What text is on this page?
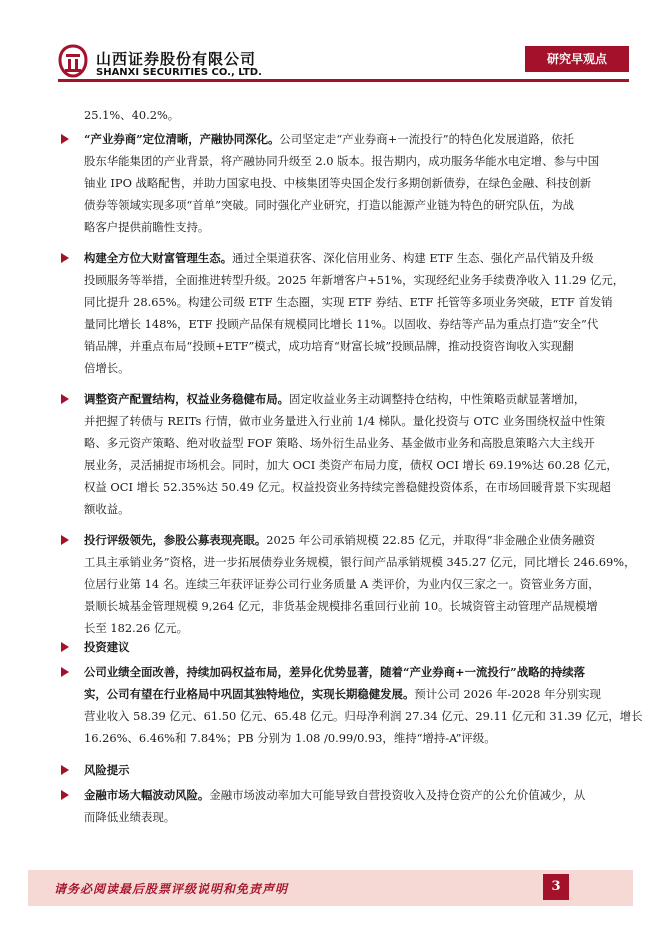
山西证券股份有限公司
SHANXI SECURITIES CO., LTD.
研究早观点
25.1%、40.2%。
“产业券商”定位清晰，产融协同深化。公司坚定走“产业券商+一流投行”的特色化发展道路，依托
股东华能集团的产业背景，将产融协同升级至 2.0 版本。报告期内，成功服务华能水电定增、参与中国
铀业 IPO 战略配售，并助力国家电投、中核集团等央国企发行多期创新债券，在绿色金融、科技创新
债券等领域实现多项“首单”突破。同时强化产业研究，打造以能源产业链为特色的研究队伍，为战
略客户提供前瞻性支持。
构建全方位大财富管理生态。通过全渠道获客、深化信用业务、构建 ETF 生态、强化产品代销及升级
投顾服务等举措，全面推进转型升级。2025 年新增客户+51%，实现经纪业务手续费净收入 11.29 亿元，
同比提升 28.65%。构建公司级 ETF 生态圈，实现 ETF 券结、ETF 托管等多项业务突破，ETF 首发销
量同比增长 148%，ETF 投顾产品保有规模同比增长 11%。以固收、券结等产品为重点打造“安全”代
销品牌，并重点布局“投顾+ETF”模式，成功培育“财富长城”投顾品牌，推动投资咨询收入实现翻
倍增长。
调整资产配置结构，权益业务稳健布局。固定收益业务主动调整持仓结构，中性策略贡献显著增加，
并把握了转债与 REITs 行情，做市业务量进入行业前 1/4 梯队。量化投资与 OTC 业务围绕权益中性策
略、多元资产策略、绝对收益型 FOF 策略、场外衍生品业务、基金做市业务和高股息策略六大主线开
展业务，灵活捕捉市场机会。同时，加大 OCI 类资产布局力度，债权 OCI 增长 69.19%达 60.28 亿元，
权益 OCI 增长 52.35%达 50.49 亿元。权益投资业务持续完善稳健投资体系，在市场回暖背景下实现超
额收益。
投行评级领先，参股公募表现亮眼。2025 年公司承销规模 22.85 亿元，并取得“非金融企业债务融资
工具主承销业务”资格，进一步拓展债券业务规模，银行间产品承销规模 345.27 亿元，同比增长 246.69%，
位居行业第 14 名。连续三年获评证券公司行业务质量 A 类评价，为业内仅三家之一。资管业务方面，
景顺长城基金管理规模 9,264 亿元，非货基金规模排名重回行业前 10。长城资管主动管理产品规模增
长至 182.26 亿元。
投资建议
公司业绩全面改善，持续加码权益布局，差异化优势显著，随着“产业券商+一流投行”战略的持续落
实，公司有望在行业格局中巩固其独特地位，实现长期稳健发展。预计公司 2026 年-2028 年分别实现
营业收入 58.39 亿元、61.50 亿元、65.48 亿元。归母净利润 27.34 亿元、29.11 亿元和 31.39 亿元，增长
16.26%、6.46%和 7.84%；PB 分别为 1.08 /0.99/0.93，维持“增持-A”评级。
风险提示
金融市场大幅波动风险。金融市场波动率加大可能导致自营投资收入及持仓资产的公允价值减少，从
而降低业绩表现。
请务必阅读最后股票评级说明和免责声明	3
